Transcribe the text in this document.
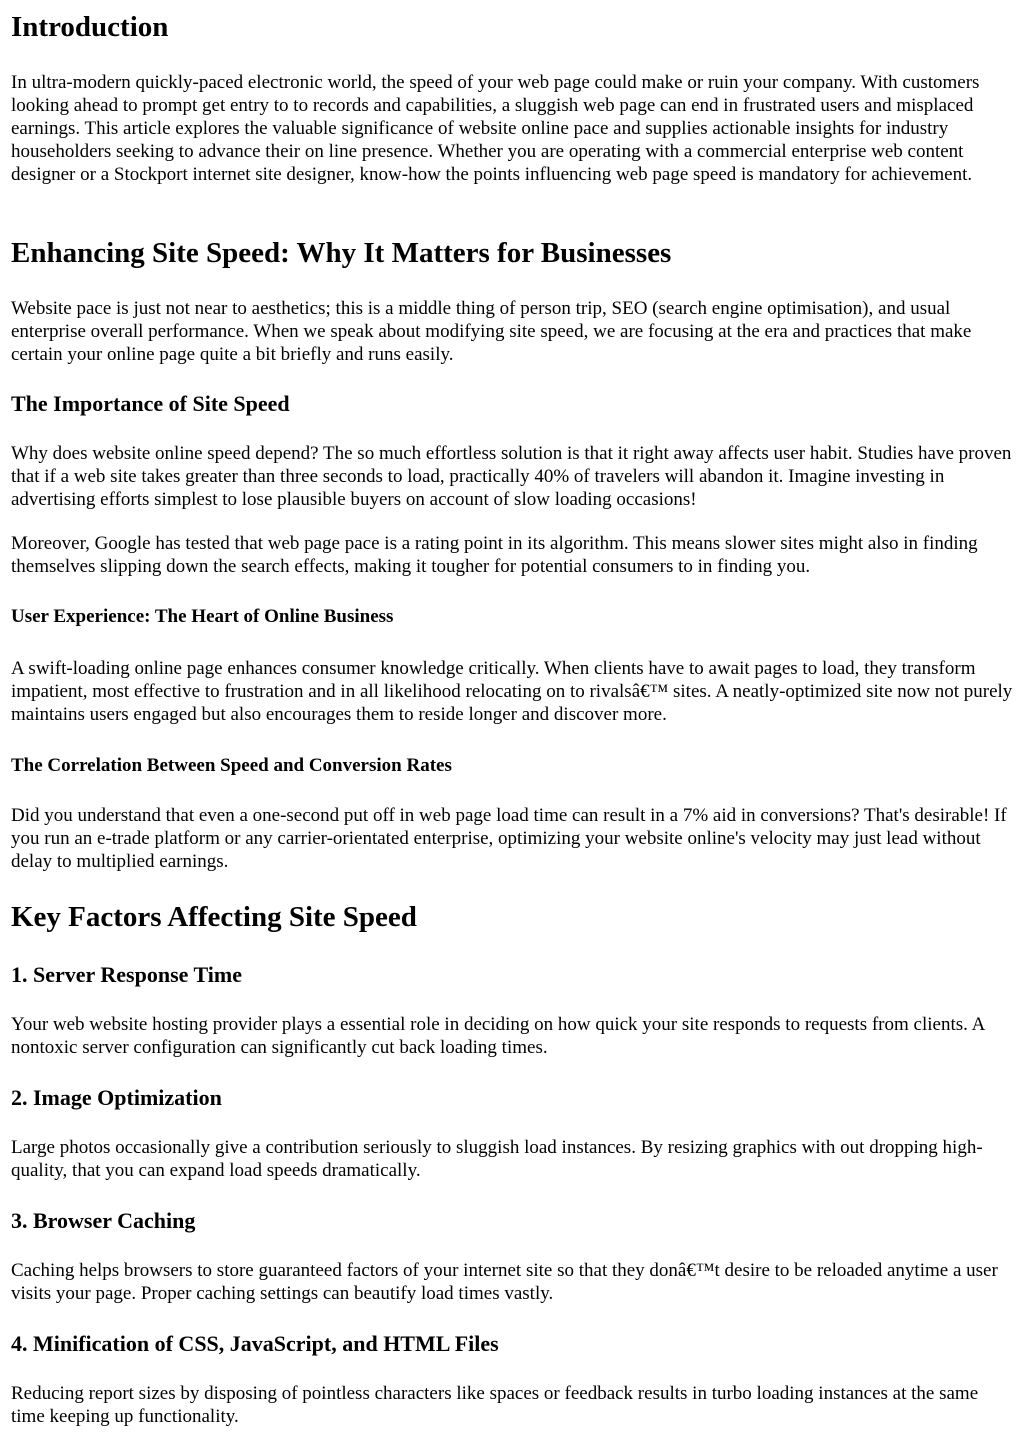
Introduction

In ultra-modern quickly-paced electronic world, the speed of your web page could make or ruin your company. With customers looking ahead to prompt get entry to to records and capabilities, a sluggish web page can end in frustrated users and misplaced earnings. This article explores the valuable significance of website online pace and supplies actionable insights for industry householders seeking to advance their on line presence. Whether you are operating with a commercial enterprise web content designer or a Stockport internet site designer, know-how the points influencing web page speed is mandatory for achievement.

Enhancing Site Speed: Why It Matters for Businesses

Website pace is just not near to aesthetics; this is a middle thing of person trip, SEO (search engine optimisation), and usual enterprise overall performance. When we speak about modifying site speed, we are focusing at the era and practices that make certain your online page quite a bit briefly and runs easily.

The Importance of Site Speed

Why does website online speed depend? The so much effortless solution is that it right away affects user habit. Studies have proven that if a web site takes greater than three seconds to load, practically 40% of travelers will abandon it. Imagine investing in advertising efforts simplest to lose plausible buyers on account of slow loading occasions!

Moreover, Google has tested that web page pace is a rating point in its algorithm. This means slower sites might also in finding themselves slipping down the search effects, making it tougher for potential consumers to in finding you.

User Experience: The Heart of Online Business

A swift-loading online page enhances consumer knowledge critically. When clients have to await pages to load, they transform impatient, most effective to frustration and in all likelihood relocating on to rivalsâ€™ sites. A neatly-optimized site now not purely maintains users engaged but also encourages them to reside longer and discover more.

The Correlation Between Speed and Conversion Rates

Did you understand that even a one-second put off in web page load time can result in a 7% aid in conversions? That's desirable! If you run an e-trade platform or any carrier-orientated enterprise, optimizing your website online's velocity may just lead without delay to multiplied earnings.

Key Factors Affecting Site Speed
1. Server Response Time

Your web website hosting provider plays a essential role in deciding on how quick your site responds to requests from clients. A nontoxic server configuration can significantly cut back loading times.

2. Image Optimization

Large photos occasionally give a contribution seriously to sluggish load instances. By resizing graphics with out dropping high-quality, that you can expand load speeds dramatically.

3. Browser Caching

Caching helps browsers to store guaranteed factors of your internet site so that they donâ€™t desire to be reloaded anytime a user visits your page. Proper caching settings can beautify load times vastly.

4. Minification of CSS, JavaScript, and HTML Files

Reducing report sizes by disposing of pointless characters like spaces or feedback results in turbo loading instances at the same time keeping up functionality.
